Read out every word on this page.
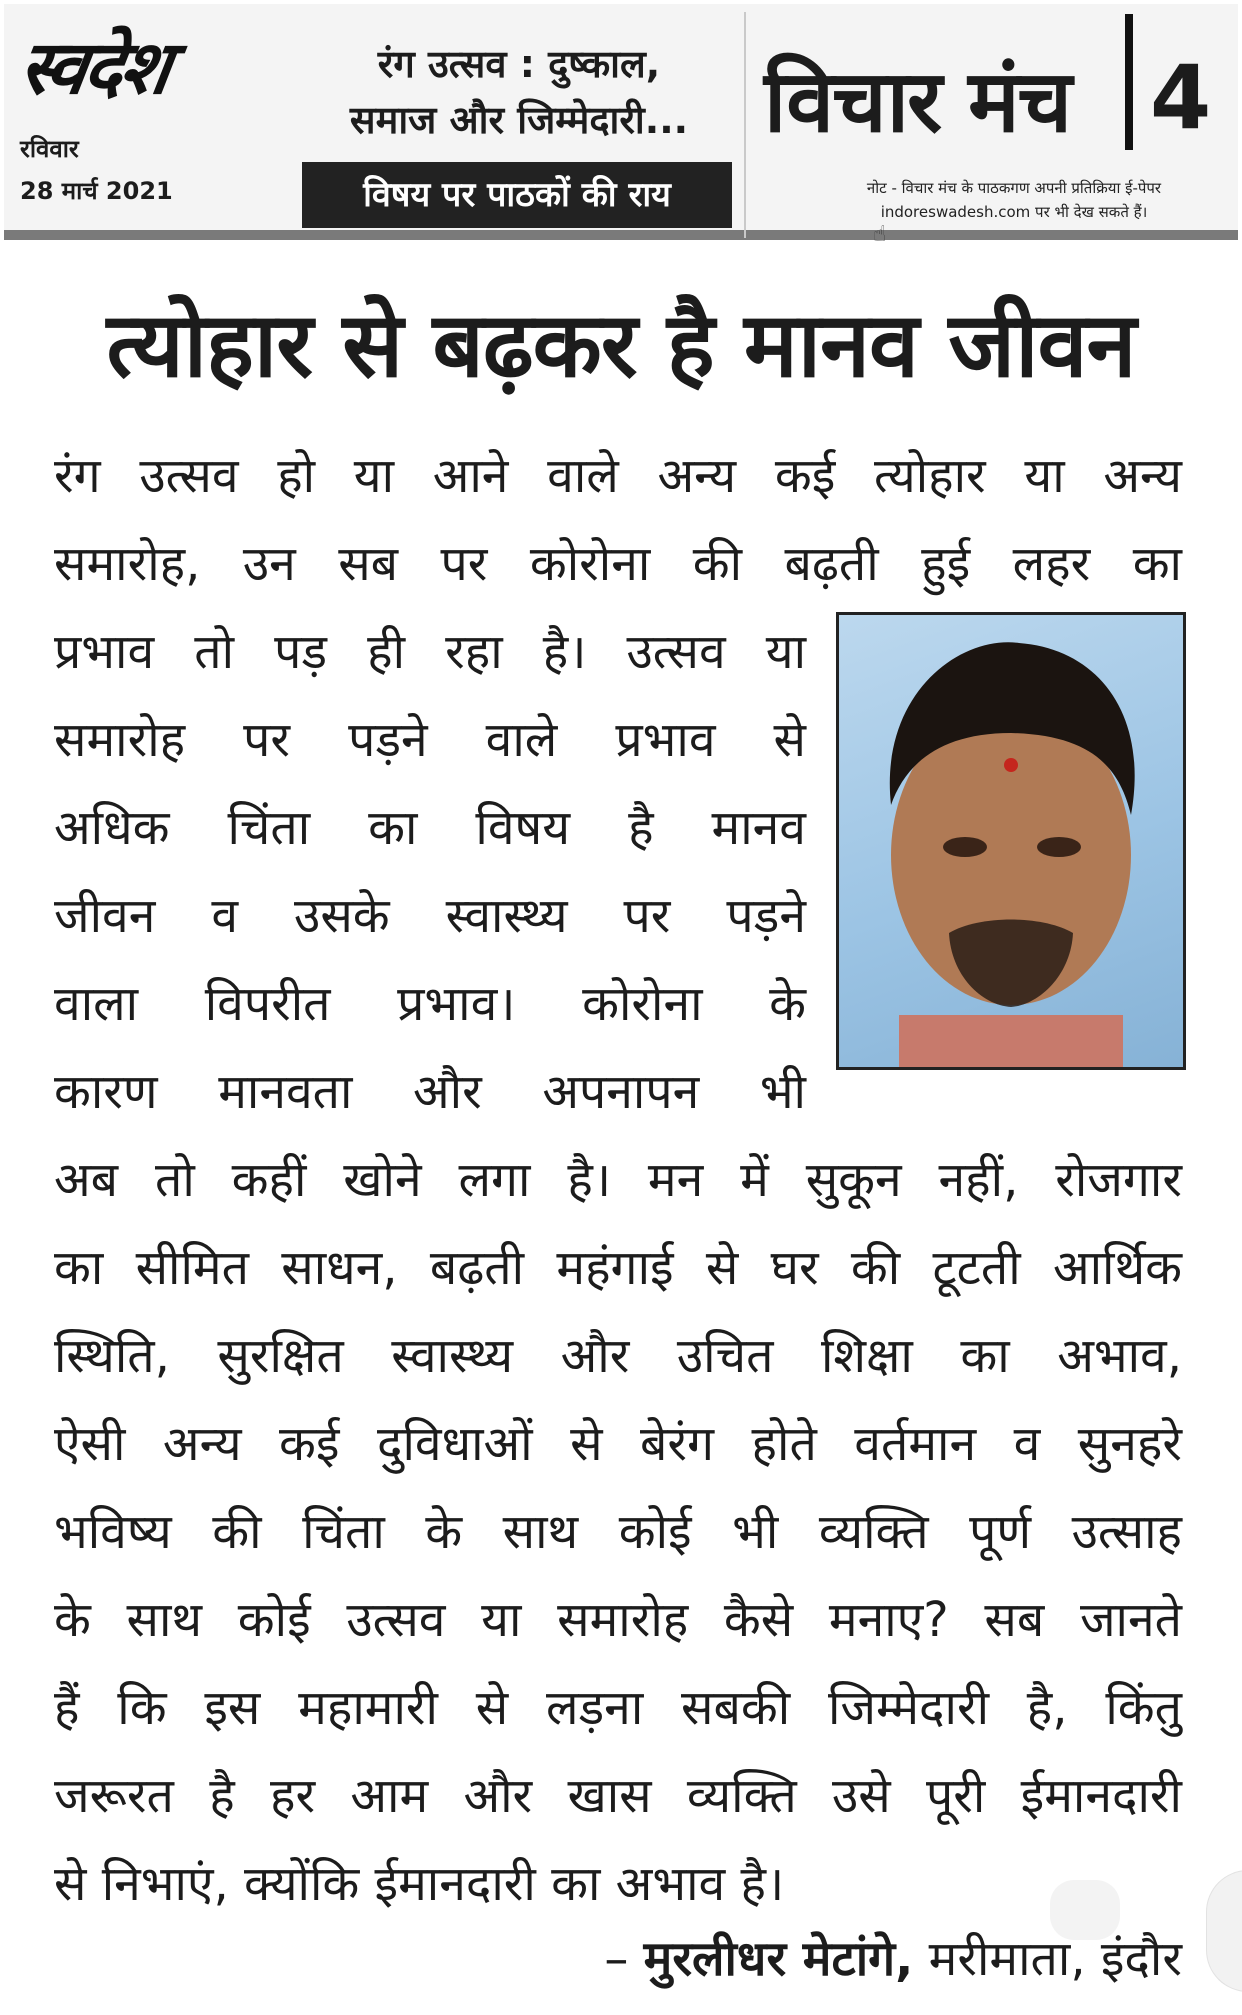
स्वदेश
रविवार
28 मार्च 2021
रंग उत्सव : दुष्काल,
समाज और जिम्मेदारी...
विषय पर पाठकों की राय
विचार मंच 4
नोट - विचार मंच के पाठकगण अपनी प्रतिक्रिया ई-पेपर
indoreswadesh.com पर भी देख सकते हैं।
☝
त्योहार से बढ़कर है मानव जीवन
रंग उत्सव हो या आने वाले अन्य कई त्योहार या अन्य
समारोह, उन सब पर कोरोना की बढ़ती हुई लहर का
प्रभाव तो पड़ ही रहा है। उत्सव या
समारोह पर पड़ने वाले प्रभाव से
अधिक चिंता का विषय है मानव
जीवन व उसके स्वास्थ्य पर पड़ने
वाला विपरीत प्रभाव। कोरोना के
कारण मानवता और अपनापन भी
अब तो कहीं खोने लगा है। मन में सुकून नहीं, रोजगार
का सीमित साधन, बढ़ती महंगाई से घर की टूटती आर्थिक
स्थिति, सुरक्षित स्वास्थ्य और उचित शिक्षा का अभाव,
ऐसी अन्य कई दुविधाओं से बेरंग होते वर्तमान व सुनहरे
भविष्य की चिंता के साथ कोई भी व्यक्ति पूर्ण उत्साह
के साथ कोई उत्सव या समारोह कैसे मनाए? सब जानते
हैं कि इस महामारी से लड़ना सबकी जिम्मेदारी है, किंतु
जरूरत है हर आम और खास व्यक्ति उसे पूरी ईमानदारी
से निभाएं, क्योंकि ईमानदारी का अभाव है।
– मुरलीधर मेटांगे, मरीमाता, इंदौर
